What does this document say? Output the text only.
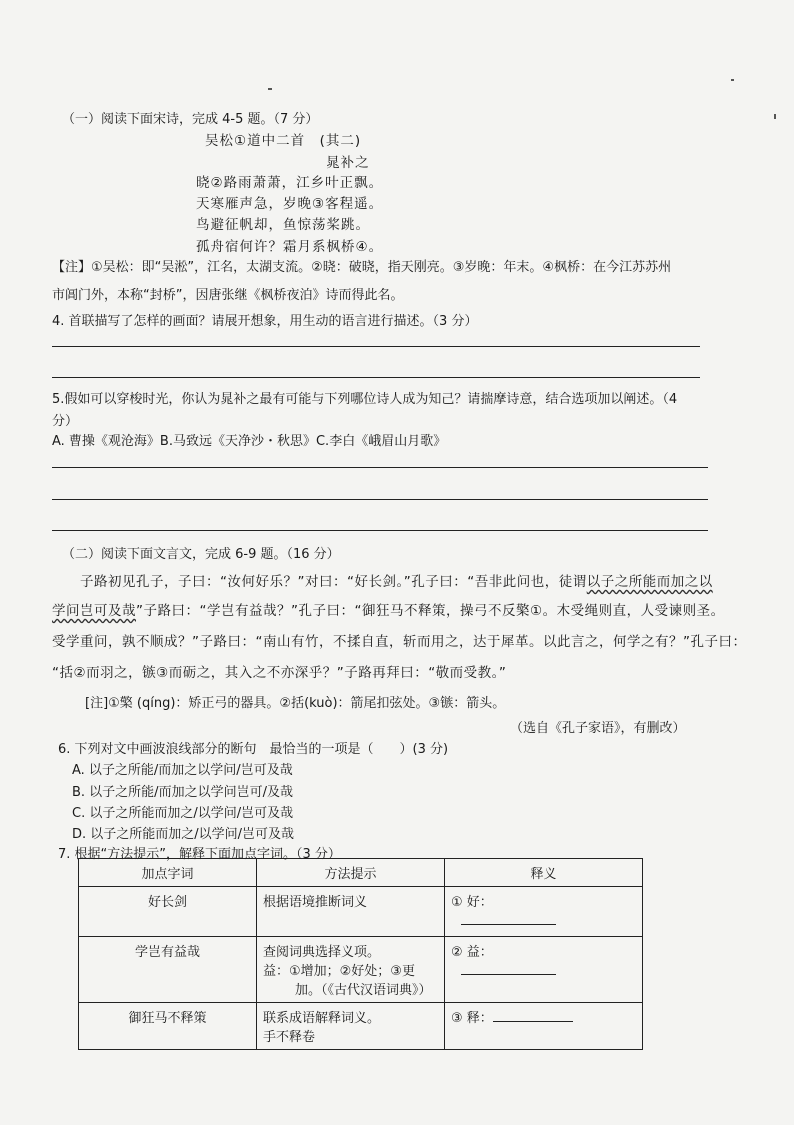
（一）阅读下面宋诗，完成 4-5 题。（7 分）
吴松①道中二首　(其二)
晁补之
晓②路雨萧萧，江乡叶正飘。
天寒雁声急，岁晚③客程遥。
鸟避征帆却，鱼惊荡桨跳。
孤舟宿何许？霜月系枫桥④。
【注】①吴松：即“吴淞”，江名，太湖支流。②晓：破晓，指天刚亮。③岁晚：年末。④枫桥：在今江苏苏州
市阊门外，本称“封桥”，因唐张继《枫桥夜泊》诗而得此名。
4. 首联描写了怎样的画面？请展开想象，用生动的语言进行描述。（3 分）
5.假如可以穿梭时光，你认为晁补之最有可能与下列哪位诗人成为知己？请揣摩诗意，结合选项加以阐述。（4
分）
A. 曹操《观沧海》B.马致远《天净沙・秋思》C.李白《峨眉山月歌》
（二）阅读下面文言文，完成 6-9 题。（16 分）
子路初见孔子，子曰：“汝何好乐？”对曰：“好长剑。”孔子曰：“吾非此问也，徒谓以子之所能而加之以
学问岂可及哉”子路曰：“学岂有益哉？”孔子曰：“御狂马不释策，操弓不反檠①。木受绳则直，人受谏则圣。
受学重问，孰不顺成？”子路曰：“南山有竹，不揉自直，斩而用之，达于犀革。以此言之，何学之有？”孔子曰：
“括②而羽之，镞③而砺之，其入之不亦深乎？”子路再拜曰：“敬而受教。”
[注]①檠 (qíng)：矫正弓的器具。②括(kuò)：箭尾扣弦处。③镞：箭头。
（选自《孔子家语》，有删改）
6. 下列对文中画波浪线部分的断句　最恰当的一项是（　　）(3 分)
A. 以子之所能/而加之以学问/岂可及哉
B. 以子之所能/而加之以学问岂可/及哉
C. 以子之所能而加之/以学问/岂可及哉
D. 以子之所能而加之/以学问/岂可及哉
7. 根据“方法提示”，解释下面加点字词。（3 分）
加点字词	方法提示	释义
好长剑	根据语境推断词义	① 好：

学岂有益哉	查阅词典选择义项。
益：①增加；②好处；③更
加。（《古代汉语词典》）	② 益：

御狂马不释策	联系成语解释词义。
手不释卷	③ 释：
